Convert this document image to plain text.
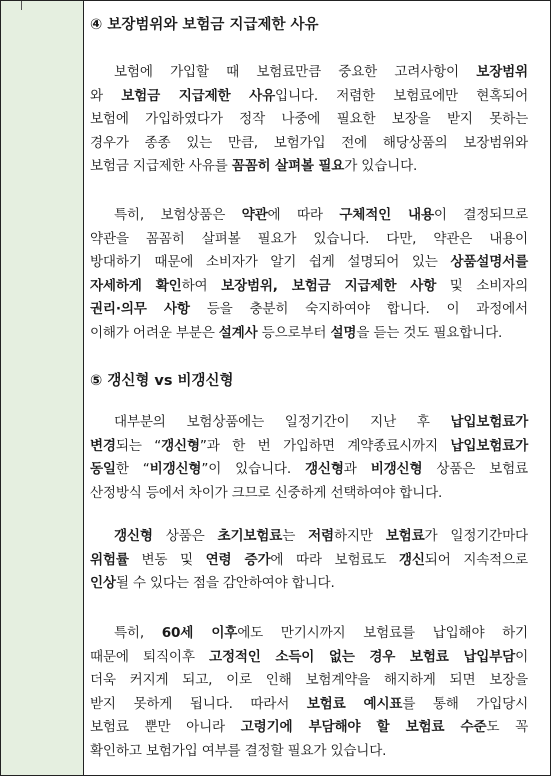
④ 보장범위와 보험금 지급제한 사유
보험에 가입할 때 보험료만큼 중요한 고려사항이 보장범위
와 보험금 지급제한 사유입니다. 저렴한 보험료에만 현혹되어
보험에 가입하였다가 정작 나중에 필요한 보장을 받지 못하는
경우가 종종 있는 만큼, 보험가입 전에 해당상품의 보장범위와
보험금 지급제한 사유를 꼼꼼히 살펴볼 필요가 있습니다.
특히, 보험상품은 약관에 따라 구체적인 내용이 결정되므로
약관을 꼼꼼히 살펴볼 필요가 있습니다. 다만, 약관은 내용이
방대하기 때문에 소비자가 알기 쉽게 설명되어 있는 상품설명서를
자세하게 확인하여 보장범위, 보험금 지급제한 사항 및 소비자의
권리·의무 사항 등을 충분히 숙지하여야 합니다. 이 과정에서
이해가 어려운 부분은 설계사 등으로부터 설명을 듣는 것도 필요합니다.
⑤ 갱신형 vs 비갱신형
대부분의 보험상품에는 일정기간이 지난 후 납입보험료가
변경되는 “갱신형”과 한 번 가입하면 계약종료시까지 납입보험료가
동일한 “비갱신형”이 있습니다. 갱신형과 비갱신형 상품은 보험료
산정방식 등에서 차이가 크므로 신중하게 선택하여야 합니다.
갱신형 상품은 초기보험료는 저렴하지만 보험료가 일정기간마다
위험률 변동 및 연령 증가에 따라 보험료도 갱신되어 지속적으로
인상될 수 있다는 점을 감안하여야 합니다.
특히, 60세 이후에도 만기시까지 보험료를 납입해야 하기
때문에 퇴직이후 고정적인 소득이 없는 경우 보험료 납입부담이
더욱 커지게 되고, 이로 인해 보험계약을 해지하게 되면 보장을
받지 못하게 됩니다. 따라서 보험료 예시표를 통해 가입당시
보험료 뿐만 아니라 고령기에 부담해야 할 보험료 수준도 꼭
확인하고 보험가입 여부를 결정할 필요가 있습니다.
